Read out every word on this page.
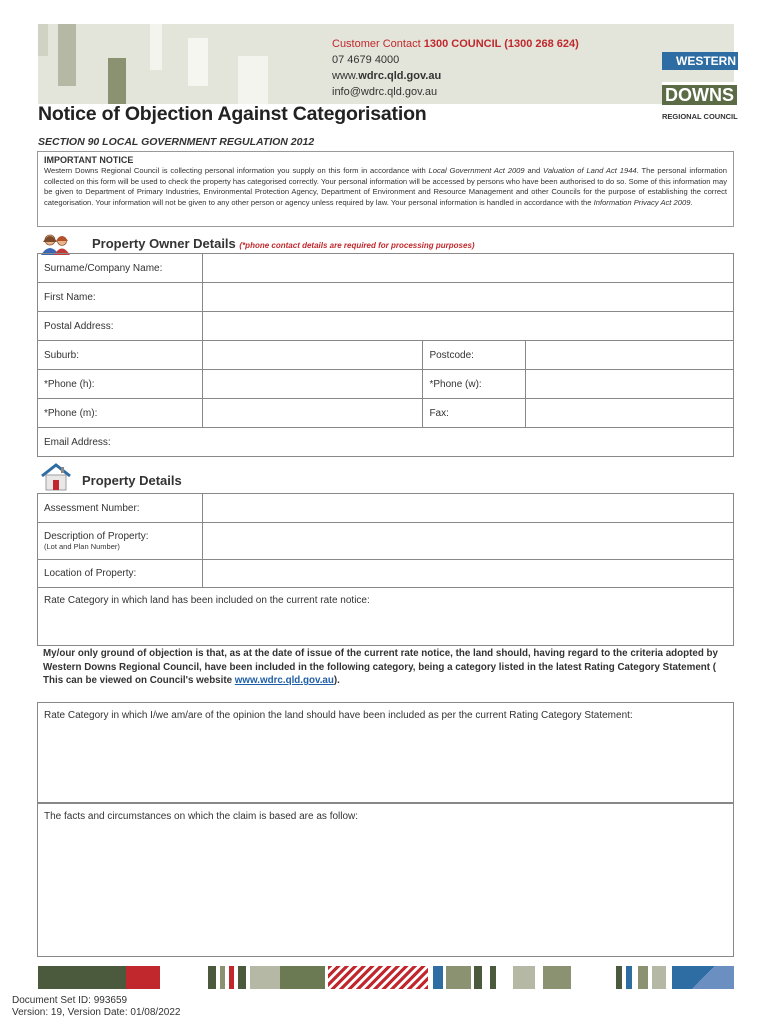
Customer Contact 1300 COUNCIL (1300 268 624)
07 4679 4000
www.wdrc.qld.gov.au
info@wdrc.qld.gov.au
WESTERN
DOWNS
REGIONAL COUNCIL
Notice of Objection Against Categorisation
SECTION 90 LOCAL GOVERNMENT REGULATION 2012
IMPORTANT NOTICE
Western Downs Regional Council is collecting personal information you supply on this form in accordance with Local Government Act 2009 and Valuation of Land Act 1944. The personal information collected on this form will be used to check the property has categorised correctly. Your personal information will be accessed by persons who have been authorised to do so. Some of this information may be given to Department of Primary Industries, Environmental Protection Agency, Department of Environment and Resource Management and other Councils for the purpose of establishing the correct categorisation. Your information will not be given to any other person or agency unless required by law. Your personal information is handled in accordance with the Information Privacy Act 2009.
Property Owner Details (*phone contact details are required for processing purposes)
Surname/Company Name:			
First Name:			
Postal Address:			
Suburb:		Postcode:	
*Phone (h):		*Phone (w):	
*Phone (m):		Fax:	
Email Address:			
Property Details
Assessment Number:	

Description of Property:
(Lot and Plan Number)	

Location of Property:	
Rate Category in which land has been included on the current rate notice:
My/our only ground of objection is that, as at the date of issue of the current rate notice, the land should, having regard to the criteria adopted by Western Downs Regional Council, have been included in the following category, being a category listed in the latest Rating Category Statement ( This can be viewed on Council's website www.wdrc.qld.gov.au).
Rate Category in which I/we am/are of the opinion the land should have been included as per the current Rating Category Statement:
The facts and circumstances on which the claim is based are as follow:
Document Set ID: 993659
Version: 19, Version Date: 01/08/2022
